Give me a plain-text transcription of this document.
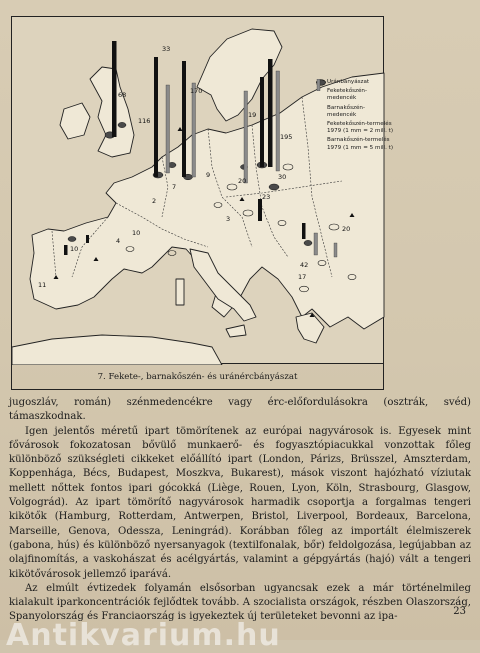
68
33
116
170
19
195
30
10
10
23
3
42
20
7
9
2
4
11
20
17
Uránbányászat
Feketekőszén-medencék
Barnakőszén-medencék
Feketekőszén-termelés 1979 (1 mm = 2 mill. t)
Barnakőszén-termelés 1979 (1 mm = 5 mill. t)
7. Fekete-, barnakőszén- és uránércbányászat

jugoszláv, román) szénmedencékre vagy érc-előfordulásokra (osztrák, svéd) támaszkodnak.

Igen jelentős méretű ipart tömörítenek az európai nagyvárosok is. Egyesek mint fővárosok fokozatosan bővülő munkaerő- és fogyasztópiacukkal vonzottak főleg különböző szükségleti cikkeket előállító ipart (London, Párizs, Brüsszel, Amszterdam, Koppenhága, Bécs, Budapest, Moszkva, Bukarest), mások viszont hajózható víziutak mellett nőttek fontos ipari gócokká (Liège, Rouen, Lyon, Köln, Strasbourg, Glasgow, Volgográd). Az ipart tömörítő nagyvárosok harmadik csoportja a forgalmas tengeri kikötők (Hamburg, Rotterdam, Antwerpen, Bristol, Liverpool, Bordeaux, Barcelona, Marseille, Genova, Odessza, Leningrád). Korábban főleg az importált élelmiszerek (gabona, hús) és különböző nyersanyagok (textilfonalak, bőr) feldolgozása, legújabban az olajfinomítás, a vaskohászat és acélgyártás, valamint a gépgyártás (hajó) vált a tengeri kikötővárosok jellemző iparává.

Az elmúlt évtizedek folyamán elsősorban ugyancsak ezek a már történelmileg kialakult iparkoncentrációk fejlődtek tovább. A szocialista országok, részben Olaszország, Spanyolország és Franciaország is igyekeztek új területeket bevonni az ipa-	23
Antikvarium.hu
